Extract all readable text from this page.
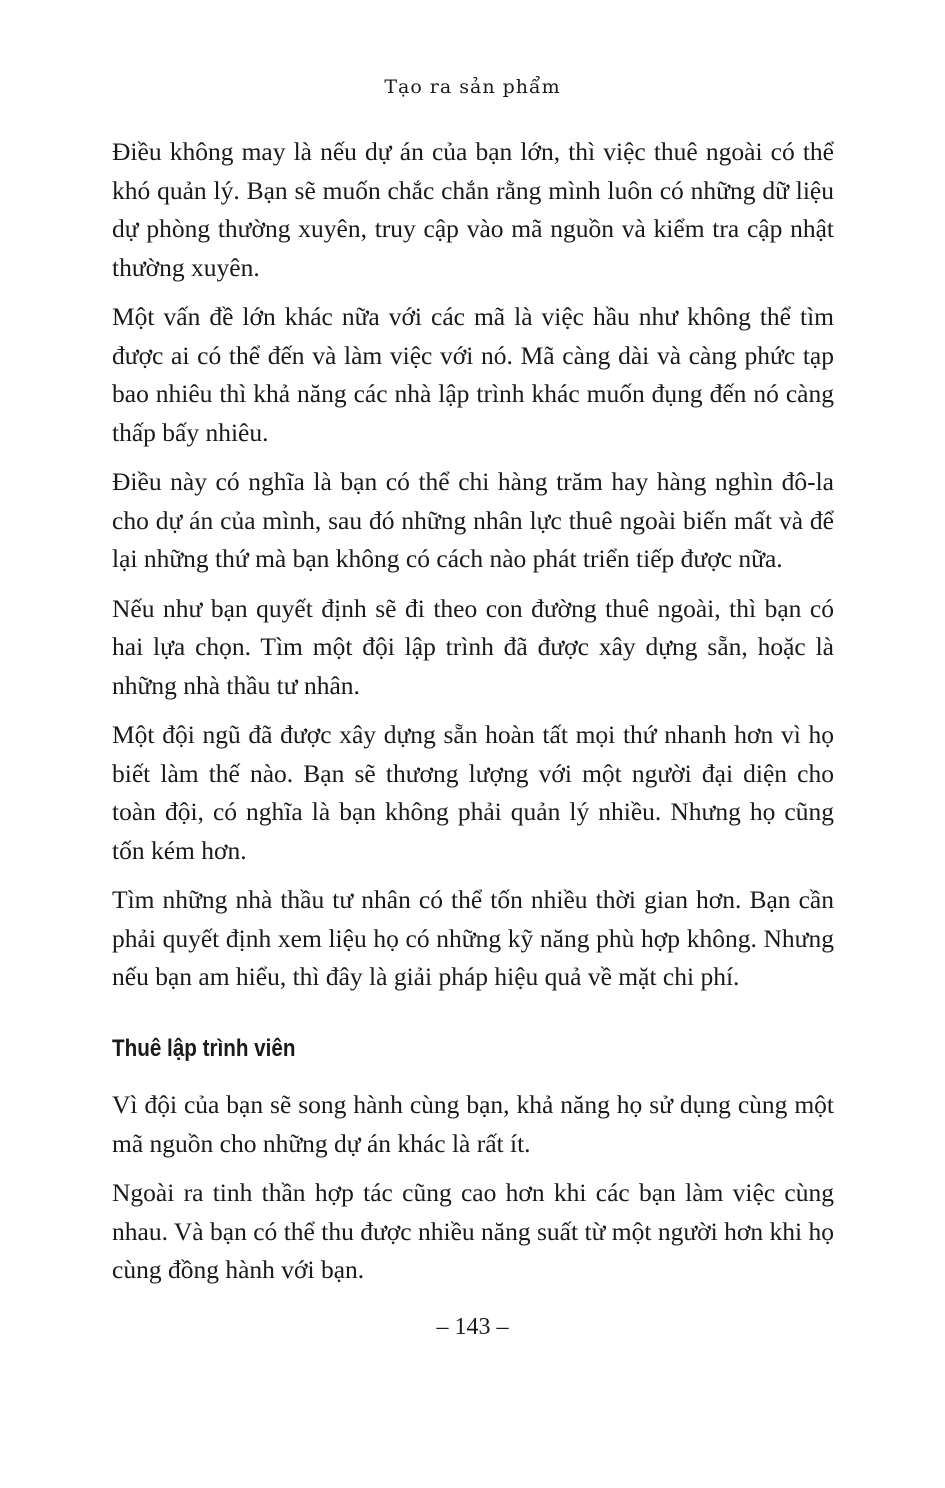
Tạo ra sản phẩm

Điều không may là nếu dự án của bạn lớn, thì việc thuê ngoài có thể khó quản lý. Bạn sẽ muốn chắc chắn rằng mình luôn có những dữ liệu dự phòng thường xuyên, truy cập vào mã nguồn và kiểm tra cập nhật thường xuyên.

Một vấn đề lớn khác nữa với các mã là việc hầu như không thể tìm được ai có thể đến và làm việc với nó. Mã càng dài và càng phức tạp bao nhiêu thì khả năng các nhà lập trình khác muốn đụng đến nó càng thấp bấy nhiêu.

Điều này có nghĩa là bạn có thể chi hàng trăm hay hàng nghìn đô-la cho dự án của mình, sau đó những nhân lực thuê ngoài biến mất và để lại những thứ mà bạn không có cách nào phát triển tiếp được nữa.

Nếu như bạn quyết định sẽ đi theo con đường thuê ngoài, thì bạn có hai lựa chọn. Tìm một đội lập trình đã được xây dựng sẵn, hoặc là những nhà thầu tư nhân.

Một đội ngũ đã được xây dựng sẵn hoàn tất mọi thứ nhanh hơn vì họ biết làm thế nào. Bạn sẽ thương lượng với một người đại diện cho toàn đội, có nghĩa là bạn không phải quản lý nhiều. Nhưng họ cũng tốn kém hơn.

Tìm những nhà thầu tư nhân có thể tốn nhiều thời gian hơn. Bạn cần phải quyết định xem liệu họ có những kỹ năng phù hợp không. Nhưng nếu bạn am hiểu, thì đây là giải pháp hiệu quả về mặt chi phí.

Thuê lập trình viên

Vì đội của bạn sẽ song hành cùng bạn, khả năng họ sử dụng cùng một mã nguồn cho những dự án khác là rất ít.

Ngoài ra tinh thần hợp tác cũng cao hơn khi các bạn làm việc cùng nhau. Và bạn có thể thu được nhiều năng suất từ một người hơn khi họ cùng đồng hành với bạn.

– 143 –
